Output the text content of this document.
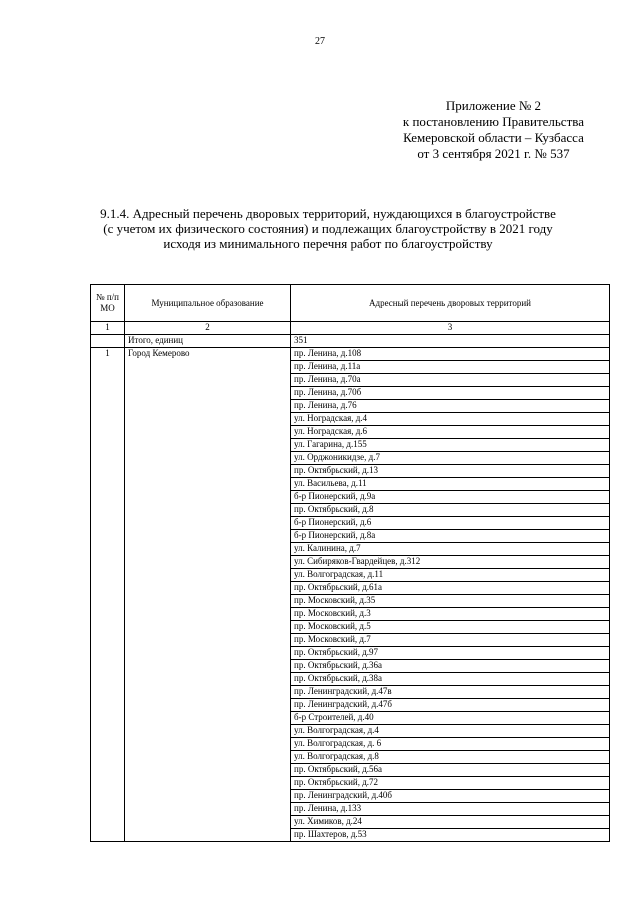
27
Приложение № 2
к постановлению Правительства
Кемеровской области – Кузбасса
от 3 сентября 2021 г. № 537
9.1.4. Адресный перечень дворовых территорий, нуждающихся в благоустройстве (с учетом их физического состояния) и подлежащих благоустройству в 2021 году исходя из минимального перечня работ по благоустройству
№ п/п МО	Муниципальное образование	Адресный перечень дворовых территорий
1	2	3
	Итого, единиц	351
1	Город Кемерово	пр. Ленина, д.108
		пр. Ленина, д.11а
		пр. Ленина, д.70а
		пр. Ленина, д.70б
		пр. Ленина, д.76
		ул. Ноградская, д.4
		ул. Ноградская, д.6
		ул. Гагарина, д.155
		ул. Орджоникидзе, д.7
		пр. Октябрьский, д.13
		ул. Васильева, д.11
		б-р Пионерский, д.9а
		пр. Октябрьский, д.8
		б-р Пионерский, д.6
		б-р Пионерский, д.8а
		ул. Калинина, д.7
		ул. Сибиряков-Гвардейцев, д.312
		ул. Волгоградская, д.11
		пр. Октябрьский, д.61а
		пр. Московский, д.35
		пр. Московский, д.3
		пр. Московский, д.5
		пр. Московский, д.7
		пр. Октябрьский, д.97
		пр. Октябрьский, д.36а
		пр. Октябрьский, д.38а
		пр. Ленинградский, д.47в
		пр. Ленинградский, д.47б
		б-р Строителей, д.40
		ул. Волгоградская, д.4
		ул. Волгоградская, д. 6
		ул. Волгоградская, д.8
		пр. Октябрьский, д.56а
		пр. Октябрьский, д.72
		пр. Ленинградский, д.40б
		пр. Ленина, д.133
		ул. Химиков, д.24
		пр. Шахтеров, д.53
